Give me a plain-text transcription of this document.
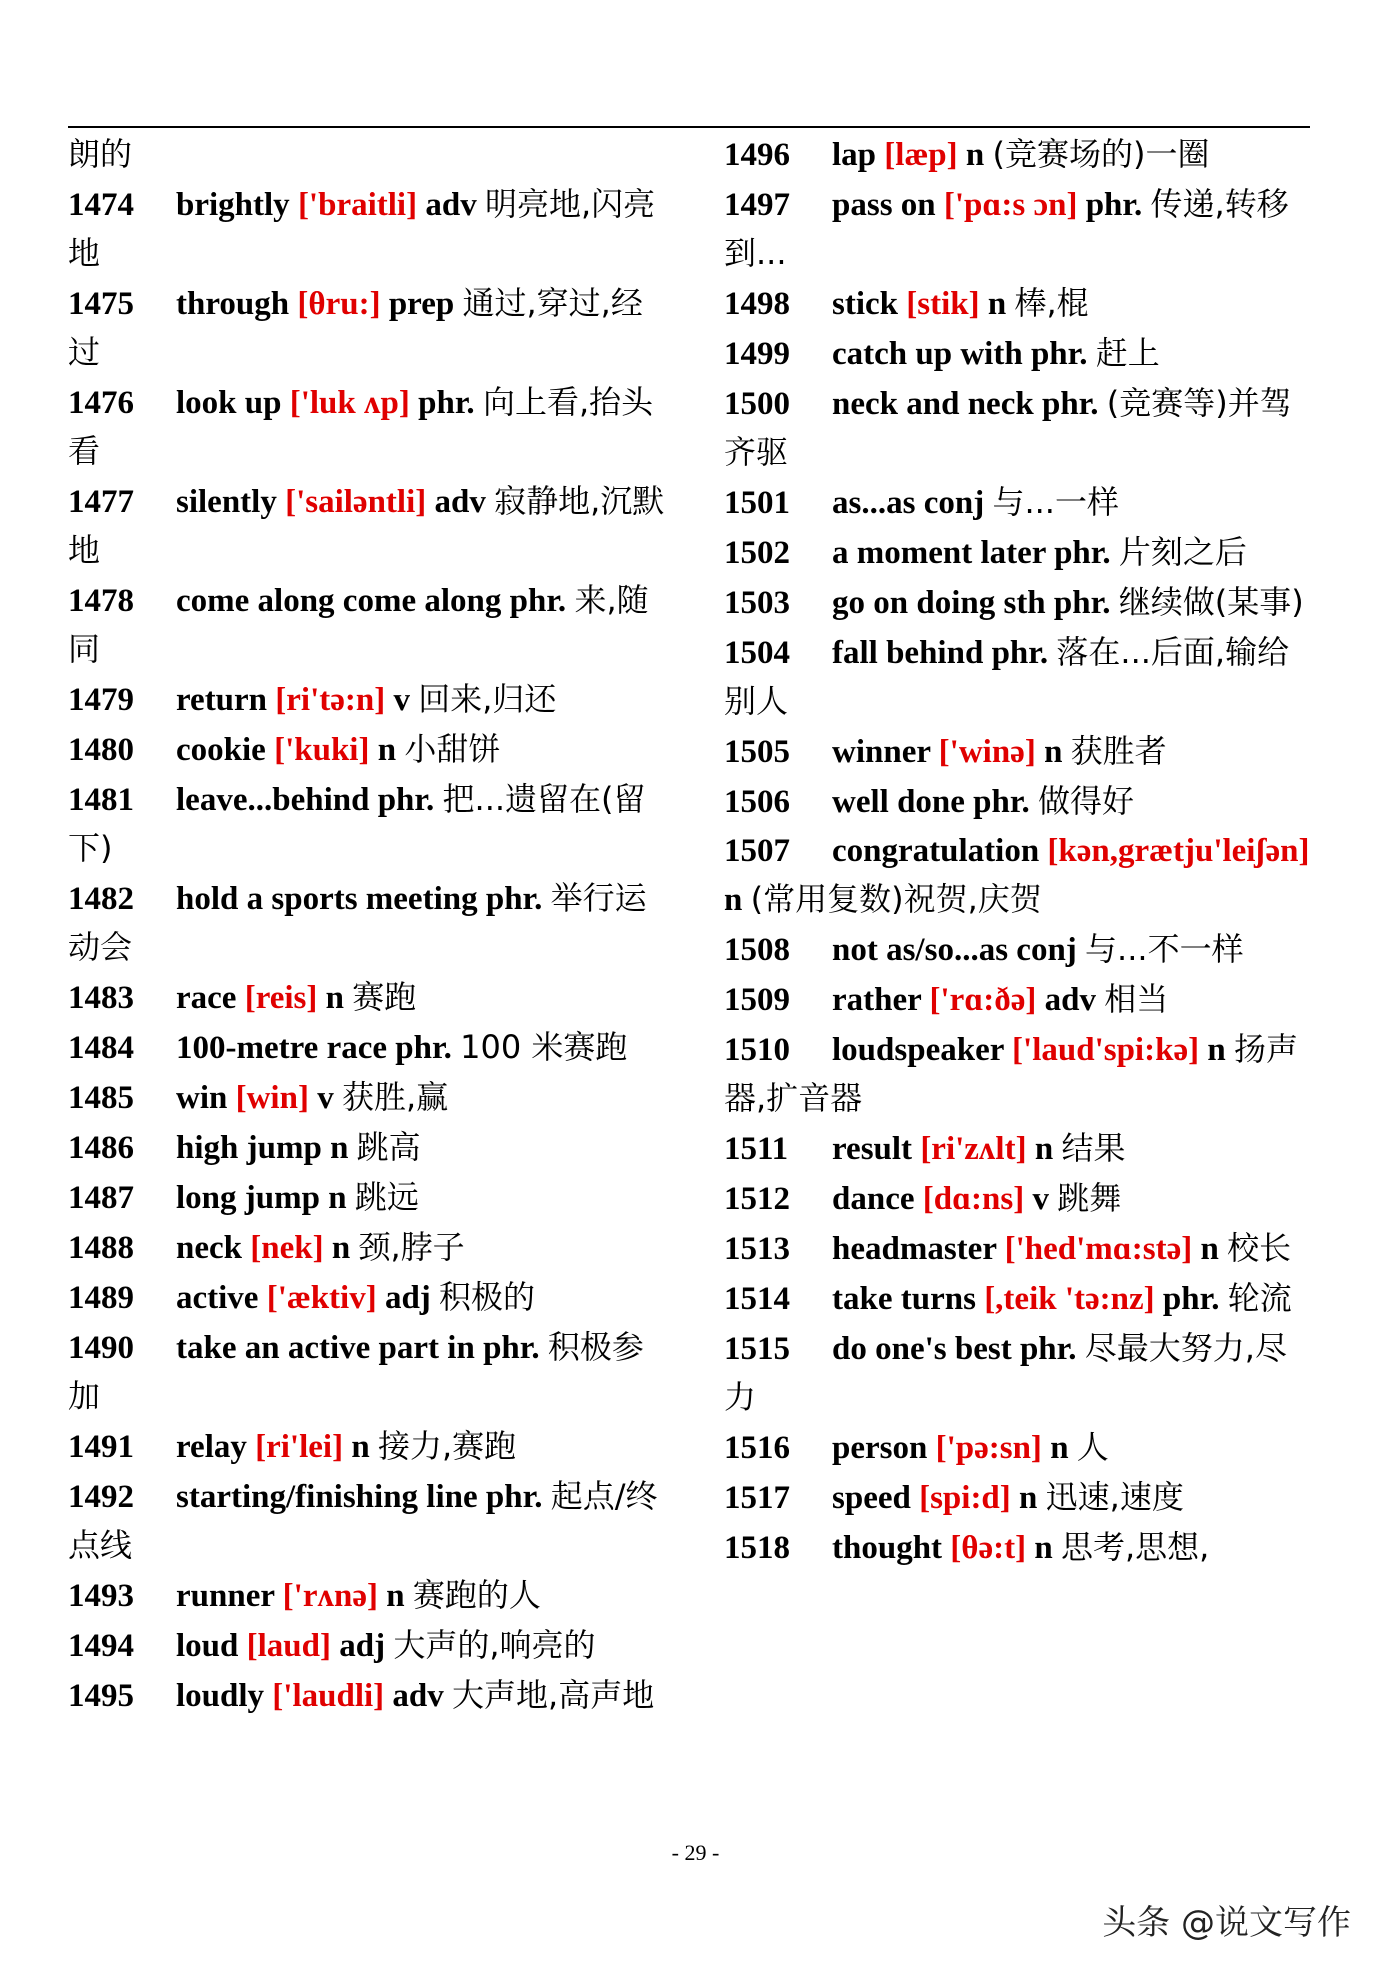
朗的
1474 brightly ['braitli] adv 明亮地,闪亮地
1475 through [θru:] prep 通过,穿过,经过
1476 look up ['luk ʌp] phr. 向上看,抬头看
1477 silently ['sailəntli] adv 寂静地,沉默地
1478 come along come along phr. 来,随同
1479 return [ri'tə:n] v 回来,归还
1480 cookie ['kuki] n 小甜饼
1481 leave...behind phr. 把...遗留在(留下)
1482 hold a sports meeting phr. 举行运动会
1483 race [reis] n 赛跑
1484 100-metre race phr. 100 米赛跑
1485 win [win] v 获胜,赢
1486 high jump n 跳高
1487 long jump n 跳远
1488 neck [nek] n 颈,脖子
1489 active ['æktiv] adj 积极的
1490 take an active part in phr. 积极参加
1491 relay [ri'lei] n 接力,赛跑
1492 starting/finishing line phr. 起点/终点线
1493 runner ['rʌnə] n 赛跑的人
1494 loud [laud] adj 大声的,响亮的
1495 loudly ['laudli] adv 大声地,高声地
1496 lap [læp] n (竞赛场的)一圈
1497 pass on ['pɑ:s ɔn] phr. 传递,转移到...
1498 stick [stik] n 棒,棍
1499 catch up with phr. 赶上
1500 neck and neck phr. (竞赛等)并驾齐驱
1501 as...as conj 与...一样
1502 a moment later phr. 片刻之后
1503 go on doing sth phr. 继续做(某事)
1504 fall behind phr. 落在...后面,输给别人
1505 winner ['winə] n 获胜者
1506 well done phr. 做得好
1507 congratulation [kən,grætju'leiʃən] n (常用复数)祝贺,庆贺
1508 not as/so...as conj 与...不一样
1509 rather ['rɑ:ðə] adv 相当
1510 loudspeaker ['laud'spi:kə] n 扬声器,扩音器
1511 result [ri'zʌlt] n 结果
1512 dance [dɑ:ns] v 跳舞
1513 headmaster ['hed'mɑ:stə] n 校长
1514 take turns [,teik 'tə:nz] phr. 轮流
1515 do one's best phr. 尽最大努力,尽力
1516 person ['pə:sn] n 人
1517 speed [spi:d] n 迅速,速度
1518 thought [θə:t] n 思考,思想,
- 29 -
头条 @说文写作
